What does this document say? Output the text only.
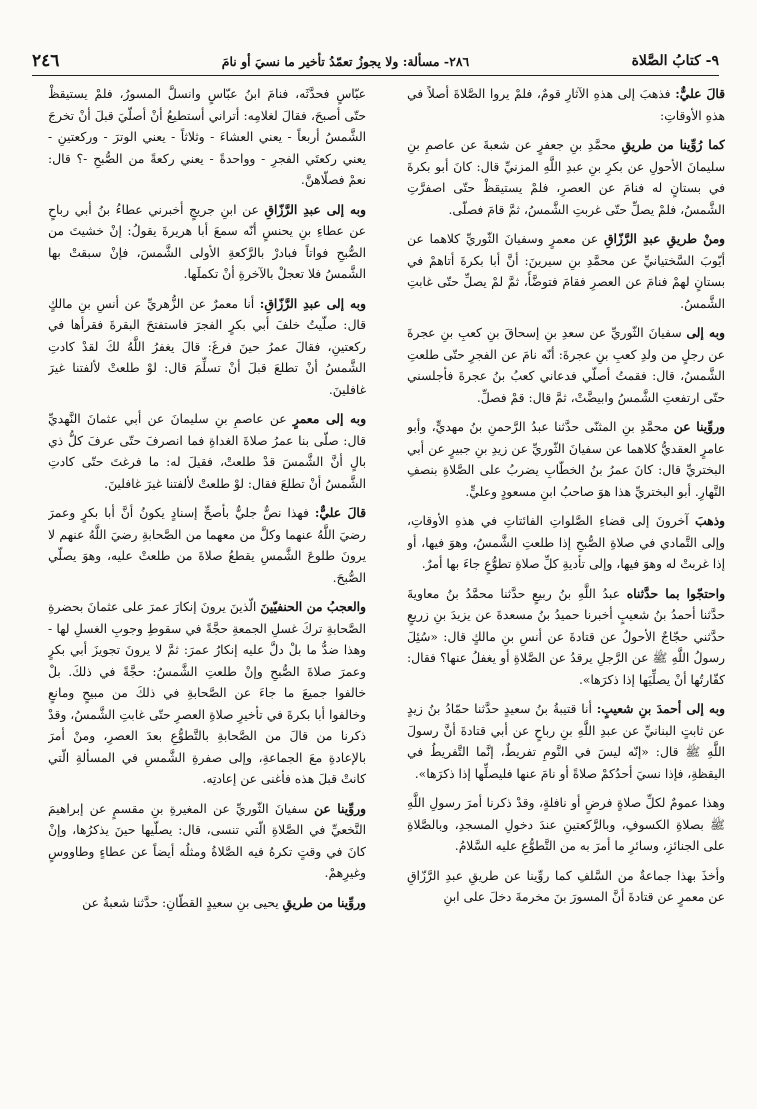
٩- كتابُ الصَّلاة
٢٨٦- مسألة: ولا يجوزُ تعمّدُ تأخير ما نسيَ أو نامَ
٢٤٦

قالَ عليٌّ: فذهبَ إلى هذهِ الآثارِ قومٌ، فلمْ يروا الصَّلاةَ أصلاً في هذهِ الأوقاتِ:

كما رُوِّينا من طريقِ محمَّدِ بنِ جعفرٍ عن شعبةَ عن عاصمِ بنِ سليمانَ الأحولِ عن بكرِ بنِ عبدِ اللَّهِ المزنيِّ قال: كانَ أبو بكرةَ في بستانٍ له فنامَ عن العصرِ، فلمْ يستيقظْ حتّى اصفرَّتِ الشَّمسُ، فلمْ يصلِّ حتّى غربتِ الشَّمسُ، ثمَّ قامَ فصلّى.

ومنْ طريقِ عبدِ الرَّزّاقِ عن معمرٍ وسفيانَ الثّوريِّ كلاهما عن أيّوبَ السَّختيانيِّ عن محمَّدِ بنِ سيرينَ: أنَّ أبا بكرةَ أتاهمْ في بستانٍ لهمْ فنامَ عن العصرِ فقامَ فتوضَّأَ، ثمَّ لمْ يصلِّ حتّى غابتِ الشَّمسُ.

وبه إلى سفيانَ الثّوريِّ عن سعدِ بنِ إسحاقَ بنِ كعبِ بنِ عجرةَ عن رجلٍ من ولدِ كعبِ بنِ عجرةَ: أنّه نامَ عن الفجرِ حتّى طلعتِ الشَّمسُ، قال: فقمتُ أصلّي فدعاني كعبُ بنُ عجرةَ فأجلسني حتّى ارتفعتِ الشَّمسُ وابيضَّتْ، ثمَّ قال: قمْ فصلِّ.

وروِّينا عن محمَّدِ بنِ المثنّى حدَّثنا عبدُ الرَّحمنِ بنُ مهديٍّ، وأبو عامرٍ العقديُّ كلاهما عن سفيانَ الثّوريِّ عن زيدِ بنِ جبيرٍ عن أبي البختريِّ قال: كانَ عمرُ بنُ الخطّابِ يضربُ على الصَّلاةِ بنصفِ النَّهارِ. أبو البختريِّ هذا هوَ صاحبُ ابنِ مسعودٍ وعليٍّ.

وذهبَ آخرونَ إلى قضاءِ الصَّلواتِ الفائتاتِ في هذهِ الأوقاتِ، وإلى التَّمادي في صلاةِ الصُّبحِ إذا طلعتِ الشَّمسُ، وهوَ فيها، أو إذا غربتْ له وهوَ فيها، وإلى تأديةِ كلِّ صلاةِ تطوُّعٍ جاءَ بها أمرٌ.

واحتجّوا بما حدَّثناه عبدُ اللَّهِ بنُ ربيعٍ حدَّثنا محمَّدُ بنُ معاويةَ حدَّثنا أحمدُ بنُ شعيبٍ أخبرنا حميدُ بنُ مسعدةَ عن يزيدَ بنِ زريعٍ حدَّثني حجّاجٌ الأحولُ عن قتادةَ عن أنسِ بنِ مالكٍ قال: «سُئِلَ رسولُ اللَّهِ ﷺ عن الرَّجلِ يرقدُ عن الصَّلاةِ أو يغفلُ عنها؟ فقال: كفّارتُها أنْ يصلِّيَها إذا ذكرَها».

وبه إلى أحمدَ بنِ شعيبٍ: أنا قتيبةُ بنُ سعيدٍ حدَّثنا حمّادُ بنُ زيدٍ عن ثابتٍ البنانيِّ عن عبدِ اللَّهِ بنِ رباحٍ عن أبي قتادةَ أنَّ رسولَ اللَّهِ ﷺ قال: «إنّه ليسَ في النَّومِ تفريطٌ، إنَّما التَّفريطُ في اليقظةِ، فإذا نسيَ أحدُكمْ صلاةً أو نامَ عنها فليصلِّها إذا ذكرَها».

وهذا عمومٌ لكلِّ صلاةٍ فرضٍ أو نافلةٍ، وقدْ ذكرنا أمرَ رسولِ اللَّهِ ﷺ بصلاةِ الكسوفِ، وبالرَّكعتينِ عندَ دخولِ المسجدِ، وبالصَّلاةِ على الجنائزِ، وسائرِ ما أمرَ به من التَّطوُّعِ عليه السَّلامُ.

وأخذَ بهذا جماعةٌ من السَّلفِ كما روِّينا عن طريقِ عبدِ الرَّزّاقِ عن معمرٍ عن قتادةَ أنَّ المسورَ بنَ مخرمةَ دخلَ على ابنِ

عبّاسٍ فحدَّثَه، فنامَ ابنُ عبّاسٍ وانسلَّ المسورُ، فلمْ يستيقظْ حتّى أصبحَ، فقالَ لغلامِه: أتراني أستطيعُ أنْ أصلّيَ قبلَ أنْ تخرجَ الشَّمسُ أربعاً - يعني العشاءَ - وثلاثاً - يعني الوترَ - وركعتينِ - يعني ركعتَي الفجرِ - وواحدةً - يعني ركعةً من الصُّبحِ -؟ قال: نعمْ فصلّاهنَّ.

وبه إلى عبدِ الرَّزّاقِ عن ابنِ جريجٍ أخبرني عطاءُ بنُ أبي رباحٍ عن عطاءِ بنِ يحنسٍ أنّه سمعَ أبا هريرةَ يقولُ: إنْ خشيتَ من الصُّبحِ فواتاً فبادرْ بالرَّكعةِ الأولى الشَّمسَ، فإنْ سبقتْ بها الشَّمسُ فلا تعجلْ بالآخرةِ أنْ تكملَها.

وبه إلى عبدِ الرَّزّاقِ: أنا معمرٌ عن الزُّهريِّ عن أنسِ بنِ مالكٍ قال: صلّيتُ خلفَ أبي بكرٍ الفجرَ فاستفتحَ البقرةَ فقرأها في ركعتينِ، فقالَ عمرُ حينَ فرغَ: قالَ يغفرُ اللَّهُ لكَ لقدْ كادتِ الشَّمسُ أنْ تطلعَ قبلَ أنْ تسلِّمَ قال: لوْ طلعتْ لألفتنا غيرَ غافلينَ.

وبه إلى معمرٍ عن عاصمِ بنِ سليمانَ عن أبي عثمانَ النَّهديِّ قال: صلّى بنا عمرُ صلاةَ الغداةِ فما انصرفَ حتّى عرفَ كلُّ ذي بالٍ أنَّ الشَّمسَ قدْ طلعتْ، فقيلَ له: ما فرغتَ حتّى كادتِ الشَّمسُ أنْ تطلعَ فقال: لوْ طلعتْ لألفتنا غيرَ غافلينَ.

قالَ عليٌّ: فهذا نصٌّ جليٌّ بأصحِّ إسنادٍ يكونُ أنَّ أبا بكرٍ وعمرَ رضيَ اللَّهُ عنهما وكلَّ من معهما من الصَّحابةِ رضيَ اللَّهُ عنهم لا يرونَ طلوعَ الشَّمسِ يقطعُ صلاةَ من طلعتْ عليه، وهوَ يصلّي الصُّبحَ.

والعجبُ من الحنفيّينَ الّذينَ يرونَ إنكارَ عمرَ على عثمانَ بحضرةِ الصَّحابةِ تركَ غسلِ الجمعةِ حجَّةً في سقوطِ وجوبِ الغسلِ لها - وهذا ضدُّ ما بلْ دلَّ عليه إنكارُ عمرَ: ثمَّ لا يرونَ تجويزَ أبي بكرٍ وعمرَ صلاةَ الصُّبحِ وإنْ طلعتِ الشَّمسُ: حجَّةً في ذلكَ. بلْ خالفوا جميعَ ما جاءَ عن الصَّحابةِ في ذلكَ من مبيحٍ ومانعٍ وخالفوا أبا بكرةَ في تأخيرِ صلاةِ العصرِ حتّى غابتِ الشَّمسُ، وقدْ ذكرنا من قالَ من الصَّحابةِ بالتَّطوُّعِ بعدَ العصرِ، ومنْ أمرَ بالإعادةِ معَ الجماعةِ، وإلى صفرةِ الشَّمسِ في المسألةِ الّتي كانتْ قبلَ هذه فأغنى عن إعادتِه.

وروِّينا عن سفيانَ الثّوريِّ عن المغيرةِ بنِ مقسمٍ عن إبراهيمَ النَّخعيِّ في الصَّلاةِ الّتي تنسى، قال: يصلّيها حينَ يذكرُها، وإنْ كانَ في وقتٍ تكرهُ فيه الصَّلاةُ ومثلُه أيضاً عن عطاءٍ وطاووسٍ وغيرِهمْ.

وروِّينا من طريقِ يحيى بنِ سعيدٍ القطّانِ: حدَّثنا شعبةُ عن
